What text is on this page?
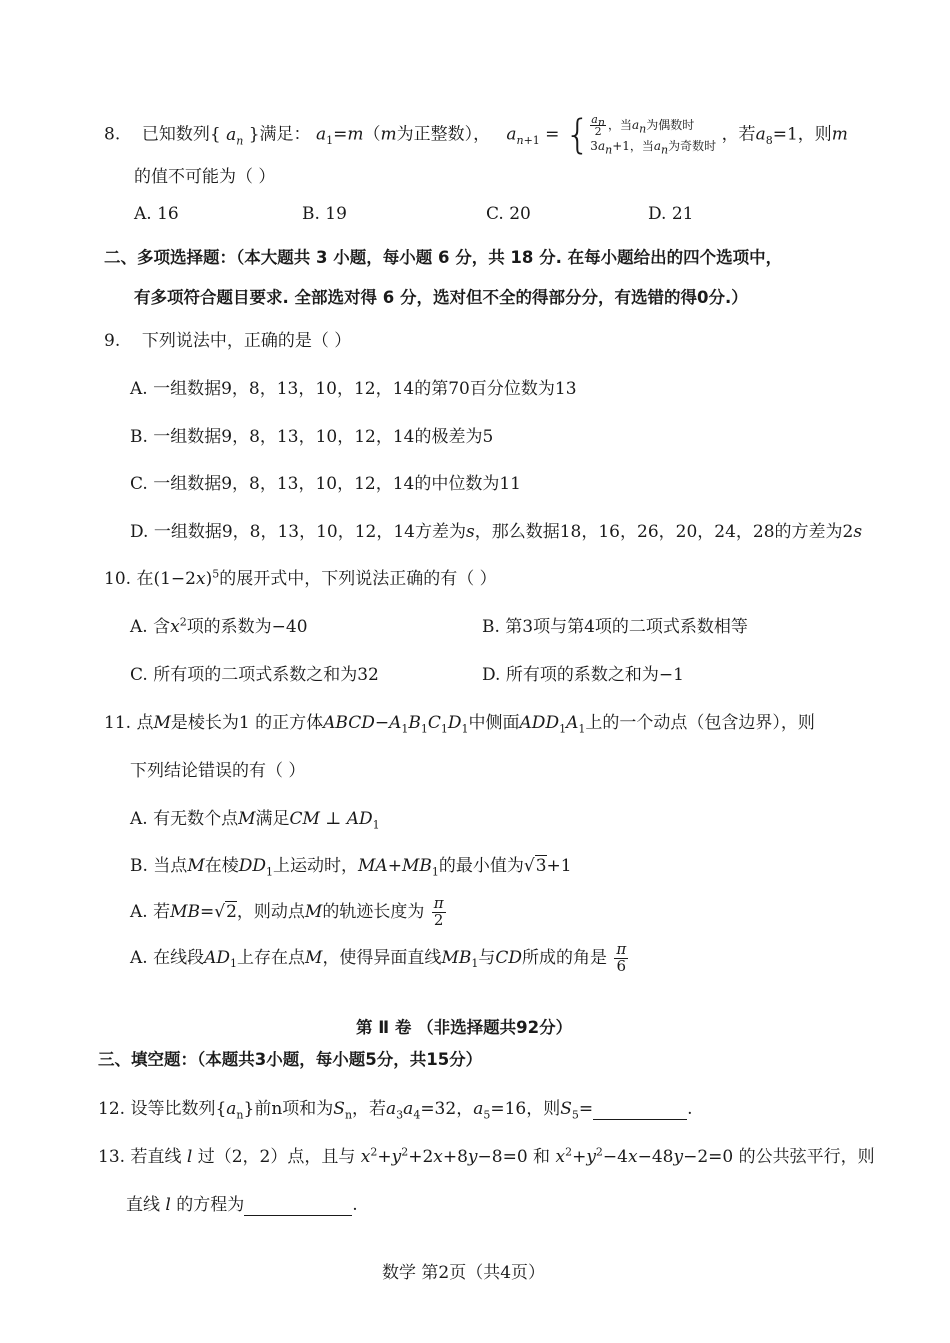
8. 已知数列{ $a_n$ }满足： $a_1=m(m$为正整数）， $a_{n+1}$ = { $\frac{a_n}{2}$ ，当$a_n$为偶数时
$3a_n+1$，当$a_n$为奇数时 ，若$a_8=1$，则m
的值不可能为（ ）
A. 16	B. 19	C. 20	D. 21
二、多项选择题：（本大题共 3 小题，每小题 6 分，共 18 分. 在每小题给出的四个选项中，
有多项符合题目要求. 全部选对得 6 分，选对但不全的得部分分，有选错的得0分.）
9. 下列说法中，正确的是（ ）
A. 一组数据9，8，13，10，12，14的第70百分位数为13
B. 一组数据9，8，13，10，12，14的极差为5
C. 一组数据9，8，13，10，12，14的中位数为11
D. 一组数据9，8，13，10，12，14方差为s，那么数据18，16，26，20，24，28的方差为2s
10. 在$(1-2x)^5$的展开式中，下列说法正确的有（ ）
A. 含$x^2$项的系数为−40	B. 第3项与第4项的二项式系数相等
C. 所有项的二项式系数之和为32	D. 所有项的系数之和为−1
11. 点M是棱长为1 的正方体$ABCD-A_1B_1C_1D_1$中侧面$ADD_1A_1$上的一个动点（包含边界），则
下列结论错误的有（ ）
A. 有无数个点M满足CM ⊥ $AD_1$
B. 当点M在棱$DD_1$上运动时，$MA+MB_1$的最小值为√3+1
A. 若MB=√2，则动点M的轨迹长度为 $\frac{\pi}{2}$
A. 在线段$AD_1$上存在点M，使得异面直线$MB_1$与CD所成的角是 $\frac{\pi}{6}$
第 Ⅱ 卷 （非选择题共92分）
三、填空题：（本题共3小题，每小题5分，共15分）
12. 设等比数列$\{a_n\}$前n项和为$S_n$，若$a_3a_4=32$，$a_5=16$，则$S_5=$	.
13. 若直线 l 过（2，2）点，且与 $x^2+y^2+2x+8y-8=0$ 和 $x^2+y^2-4x-48y-2=0$ 的公共弦平行，则
直线 l 的方程为	.
数学 第2页（共4页）
